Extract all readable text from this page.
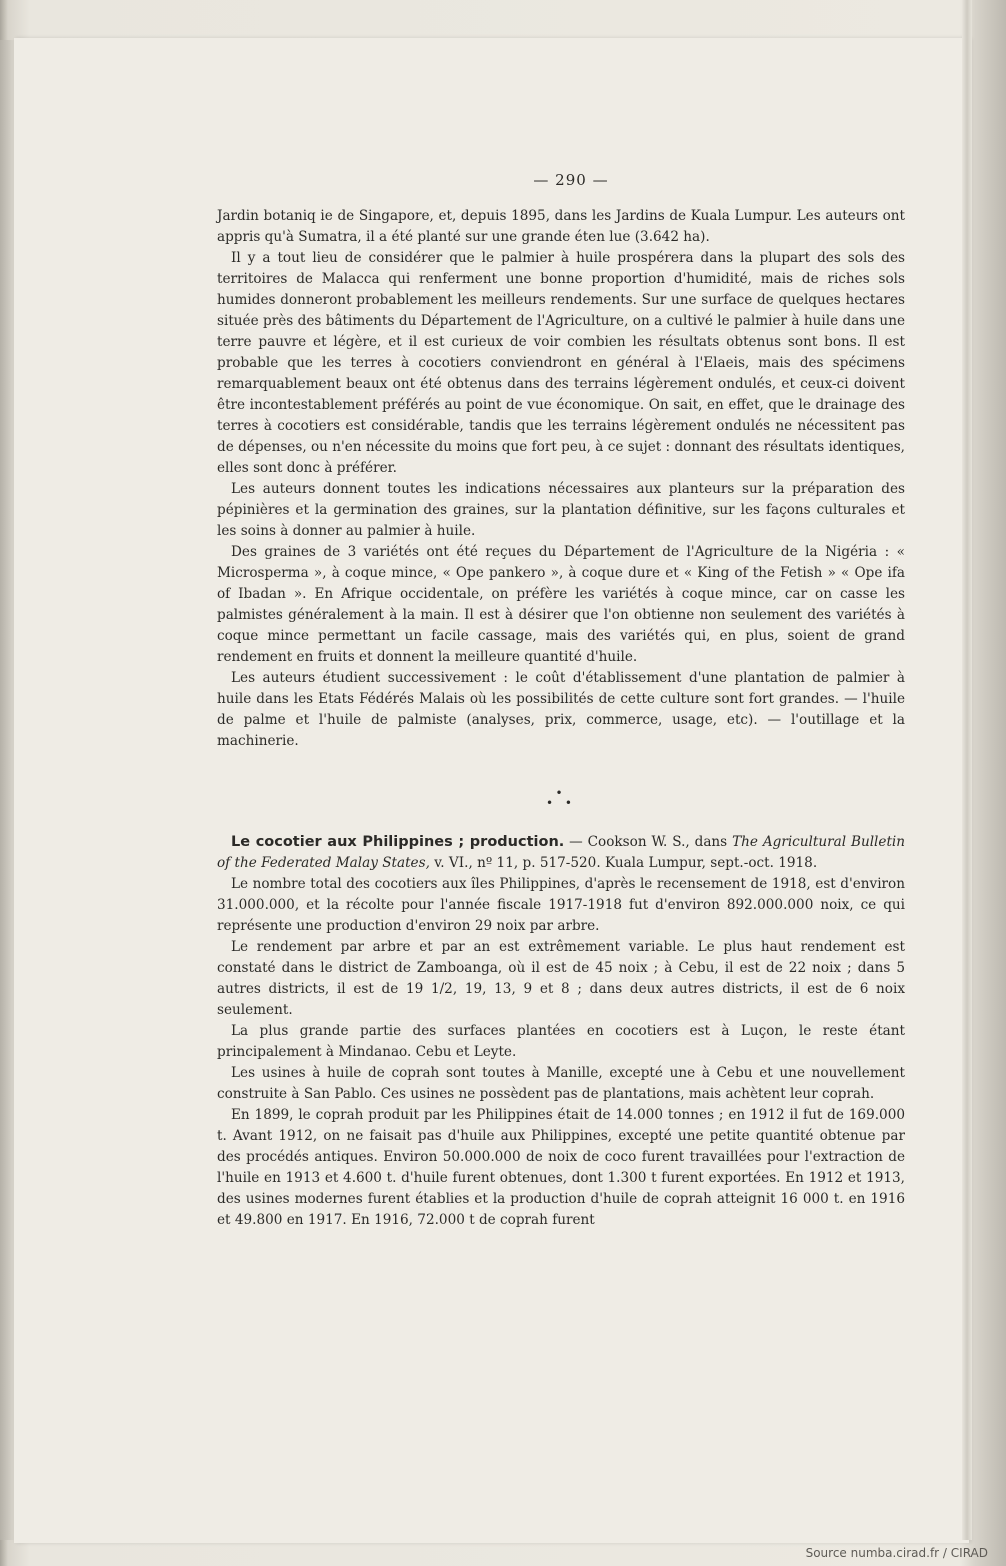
— 290 —

Jardin botaniq ie de Singapore, et, depuis 1895, dans les Jardins de Kuala Lumpur. Les auteurs ont appris qu'à Sumatra, il a été planté sur une grande éten lue (3.642 ha).

Il y a tout lieu de considérer que le palmier à huile prospérera dans la plupart des sols des territoires de Malacca qui renferment une bonne proportion d'humidité, mais de riches sols humides donneront probablement les meilleurs rendements. Sur une surface de quelques hectares située près des bâtiments du Département de l'Agriculture, on a cultivé le palmier à huile dans une terre pauvre et légère, et il est curieux de voir combien les résultats obtenus sont bons. Il est probable que les terres à cocotiers conviendront en général à l'Elaeis, mais des spécimens remarquablement beaux ont été obtenus dans des terrains légèrement ondulés, et ceux-ci doivent être incontestablement préférés au point de vue économique. On sait, en effet, que le drainage des terres à cocotiers est considérable, tandis que les terrains légèrement ondulés ne nécessitent pas de dépenses, ou n'en nécessite du moins que fort peu, à ce sujet : donnant des résultats identiques, elles sont donc à préférer.

Les auteurs donnent toutes les indications nécessaires aux planteurs sur la préparation des pépinières et la germination des graines, sur la plantation définitive, sur les façons culturales et les soins à donner au palmier à huile.

Des graines de 3 variétés ont été reçues du Département de l'Agriculture de la Nigéria : « Microsperma », à coque mince, « Ope pankero », à coque dure et « King of the Fetish » « Ope ifa of Ibadan ». En Afrique occidentale, on préfère les variétés à coque mince, car on casse les palmistes généralement à la main. Il est à désirer que l'on obtienne non seulement des variétés à coque mince permettant un facile cassage, mais des variétés qui, en plus, soient de grand rendement en fruits et donnent la meilleure quantité d'huile.

Les auteurs étudient successivement : le coût d'établissement d'une plantation de palmier à huile dans les Etats Fédérés Malais où les possibilités de cette culture sont fort grandes. — l'huile de palme et l'huile de palmiste (analyses, prix, commerce, usage, etc). — l'outillage et la machinerie.

•
• •

Le cocotier aux Philippines ; production. — Cookson W. S., dans The Agricultural Bulletin of the Federated Malay States, v. VI., nº 11, p. 517-520. Kuala Lumpur, sept.-oct. 1918.

Le nombre total des cocotiers aux îles Philippines, d'après le recensement de 1918, est d'environ 31.000.000, et la récolte pour l'année fiscale 1917-1918 fut d'environ 892.000.000 noix, ce qui représente une production d'environ 29 noix par arbre.

Le rendement par arbre et par an est extrêmement variable. Le plus haut rendement est constaté dans le district de Zamboanga, où il est de 45 noix ; à Cebu, il est de 22 noix ; dans 5 autres districts, il est de 19 1/2, 19, 13, 9 et 8 ; dans deux autres districts, il est de 6 noix seulement.

La plus grande partie des surfaces plantées en cocotiers est à Luçon, le reste étant principalement à Mindanao. Cebu et Leyte.

Les usines à huile de coprah sont toutes à Manille, excepté une à Cebu et une nouvellement construite à San Pablo. Ces usines ne possèdent pas de plantations, mais achètent leur coprah.

En 1899, le coprah produit par les Philippines était de 14.000 tonnes ; en 1912 il fut de 169.000 t. Avant 1912, on ne faisait pas d'huile aux Philippines, excepté une petite quantité obtenue par des procédés antiques. Environ 50.000.000 de noix de coco furent travaillées pour l'extraction de l'huile en 1913 et 4.600 t. d'huile furent obtenues, dont 1.300 t furent exportées. En 1912 et 1913, des usines modernes furent établies et la production d'huile de coprah atteignit 16 000 t. en 1916 et 49.800 en 1917. En 1916, 72.000 t de coprah furent

Source numba.cirad.fr / CIRAD
